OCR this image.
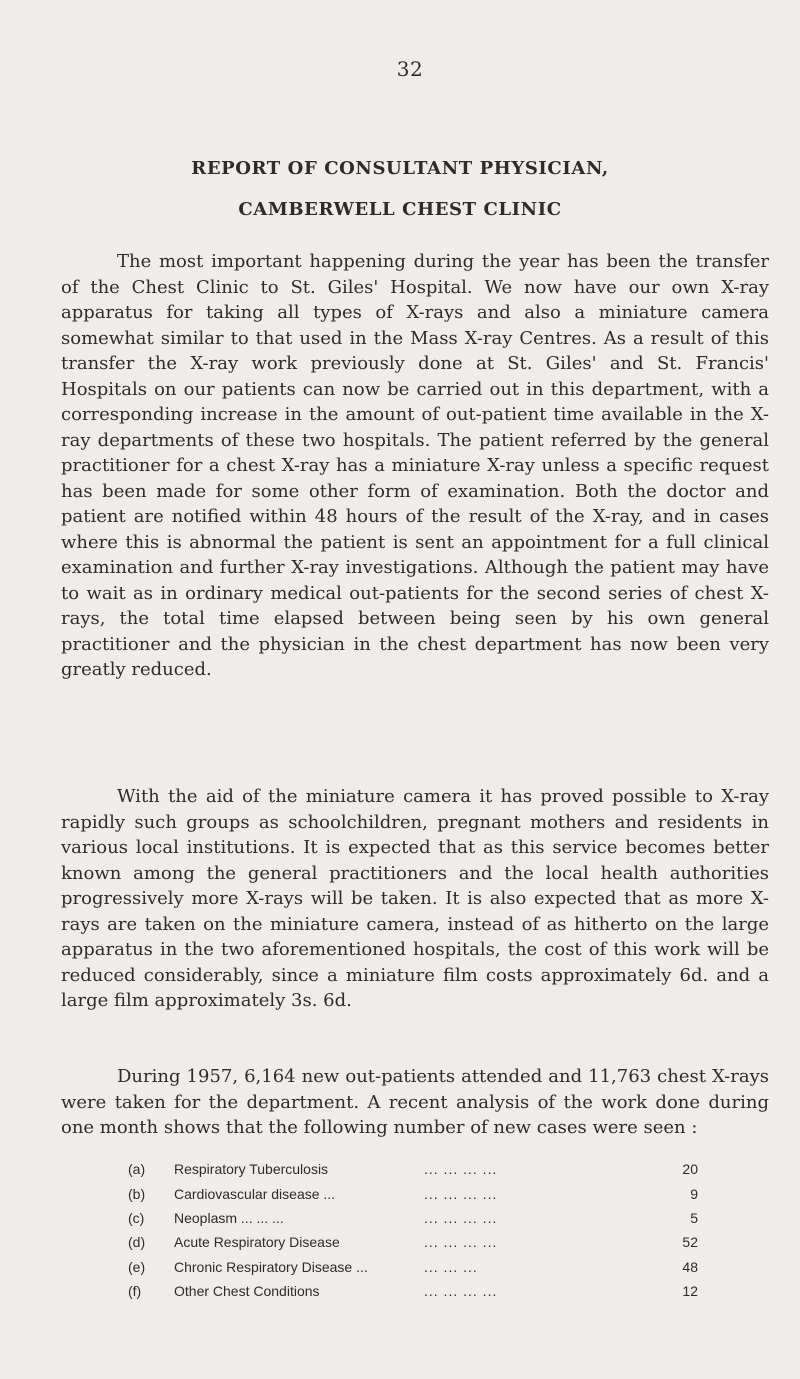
32
REPORT OF CONSULTANT PHYSICIAN,
CAMBERWELL CHEST CLINIC

The most important happening during the year has been the transfer of the Chest Clinic to St. Giles' Hospital. We now have our own X-ray apparatus for taking all types of X-rays and also a miniature camera somewhat similar to that used in the Mass X-ray Centres. As a result of this transfer the X-ray work previously done at St. Giles' and St. Francis' Hospitals on our patients can now be carried out in this department, with a corresponding increase in the amount of out-patient time available in the X-ray departments of these two hospitals. The patient referred by the general practitioner for a chest X-ray has a miniature X-ray unless a specific request has been made for some other form of examination. Both the doctor and patient are notified within 48 hours of the result of the X-ray, and in cases where this is abnormal the patient is sent an appointment for a full clinical examination and further X-ray investigations. Although the patient may have to wait as in ordinary medical out-patients for the second series of chest X-rays, the total time elapsed between being seen by his own general practitioner and the physician in the chest department has now been very greatly reduced.

With the aid of the miniature camera it has proved possible to X-ray rapidly such groups as schoolchildren, pregnant mothers and residents in various local institutions. It is expected that as this service becomes better known among the general practitioners and the local health authorities progressively more X-rays will be taken. It is also expected that as more X-rays are taken on the miniature camera, instead of as hitherto on the large apparatus in the two aforementioned hospitals, the cost of this work will be reduced considerably, since a miniature film costs approximately 6d. and a large film approximately 3s. 6d.

During 1957, 6,164 new out-patients attended and 11,763 chest X-rays were taken for the department. A recent analysis of the work done during one month shows that the following number of new cases were seen :

(a)	Respiratory Tuberculosis	... ... ... ...	20
(b)	Cardiovascular disease ...	... ... ... ...	9
(c)	Neoplasm ... ... ...	... ... ... ...	5
(d)	Acute Respiratory Disease	... ... ... ...	52
(e)	Chronic Respiratory Disease ...	... ... ...	48
(f)	Other Chest Conditions	... ... ... ...	12
